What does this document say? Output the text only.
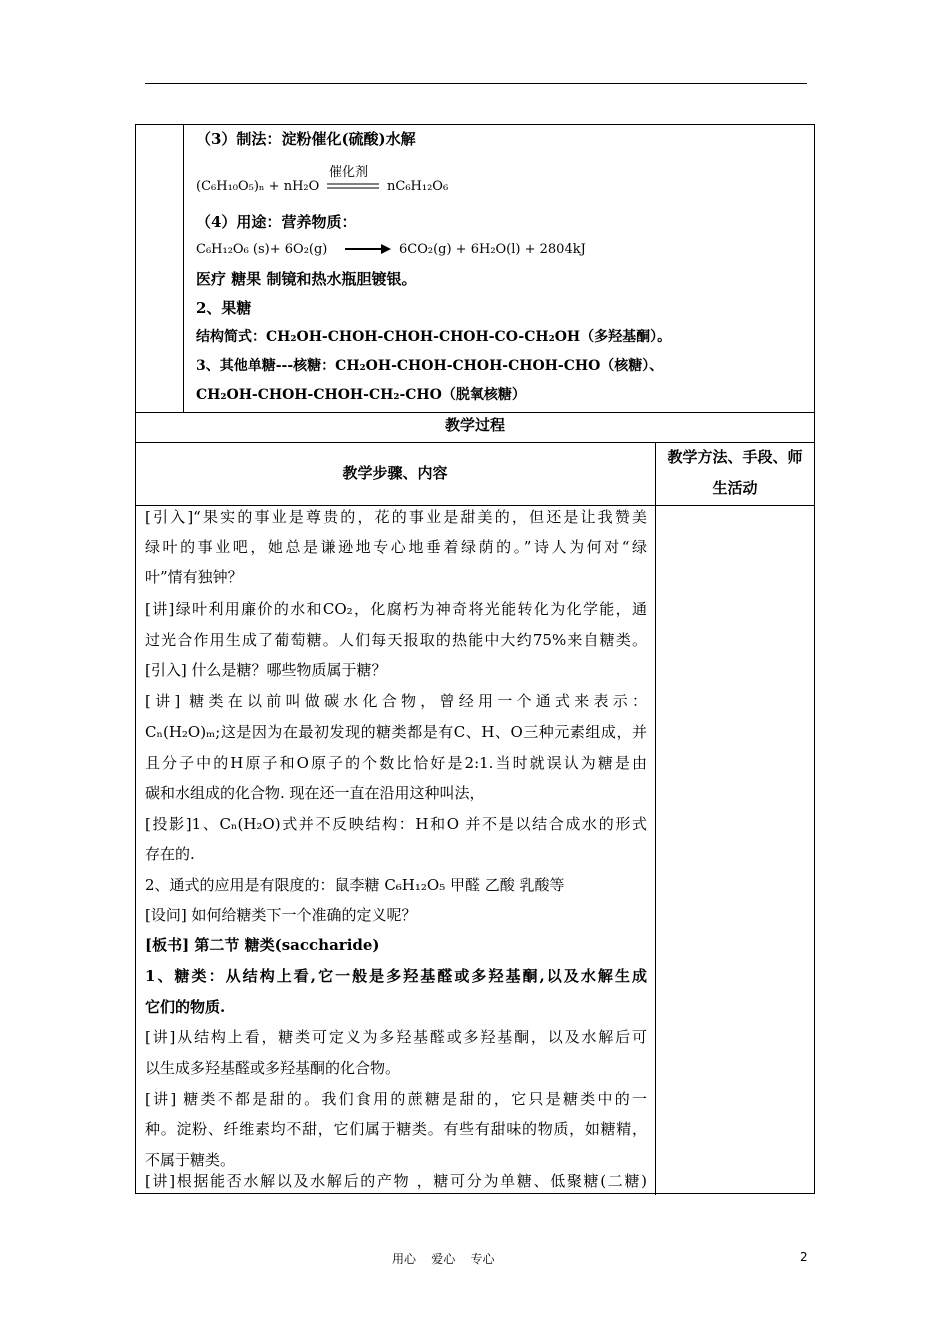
（3）制法：淀粉催化(硫酸)水解
(C₆H₁₀O₅)ₙ + nH₂O
催化剂
nC₆H₁₂O₆
（4）用途：营养物质：
C₆H₁₂O₆ (s)+ 6O₂(g)	6CO₂(g) + 6H₂O(l) + 2804kJ
医疗 糖果 制镜和热水瓶胆镀银。
2、果糖
结构简式：CH₂OH-CHOH-CHOH-CHOH-CO-CH₂OH（多羟基酮）。
3、其他单糖---核糖：CH₂OH-CHOH-CHOH-CHOH-CHO（核糖）、
CH₂OH-CHOH-CHOH-CH₂-CHO（脱氧核糖）
教学过程
教学步骤、内容
教学方法、手段、师
生活动
[引入]“果实的事业是尊贵的，花的事业是甜美的，但还是让我赞美
绿叶的事业吧，她总是谦逊地专心地垂着绿荫的。”诗人为何对“绿
叶”情有独钟？
[讲]绿叶利用廉价的水和CO₂，化腐朽为神奇将光能转化为化学能，通
过光合作用生成了葡萄糖。人们每天报取的热能中大约75%来自糖类。
[引入] 什么是糖？哪些物质属于糖？
[讲] 糖类在以前叫做碳水化合物，曾经用一个通式来表示：
Cₙ(H₂O)ₘ;这是因为在最初发现的糖类都是有C、H、O三种元素组成，并
且分子中的H原子和O原子的个数比恰好是2:1.当时就误认为糖是由
碳和水组成的化合物. 现在还一直在沿用这种叫法，
[投影]1、Cₙ(H₂O)式并不反映结构：H和O 并不是以结合成水的形式
存在的.
2、通式的应用是有限度的：鼠李糖 C₆H₁₂O₅ 甲醛 乙酸 乳酸等
[设问] 如何给糖类下一个准确的定义呢？
[板书] 第二节 糖类(saccharide)
1、糖类：从结构上看,它一般是多羟基醛或多羟基酮,以及水解生成
它们的物质.
[讲]从结构上看，糖类可定义为多羟基醛或多羟基酮，以及水解后可
以生成多羟基醛或多羟基酮的化合物。
[讲] 糖类不都是甜的。我们食用的蔗糖是甜的，它只是糖类中的一
种。淀粉、纤维素均不甜，它们属于糖类。有些有甜味的物质，如糖精，
不属于糖类。
[讲]根据能否水解以及水解后的产物 ，糖可分为单糖、低聚糖(二糖)
用心    爱心    专心	2
